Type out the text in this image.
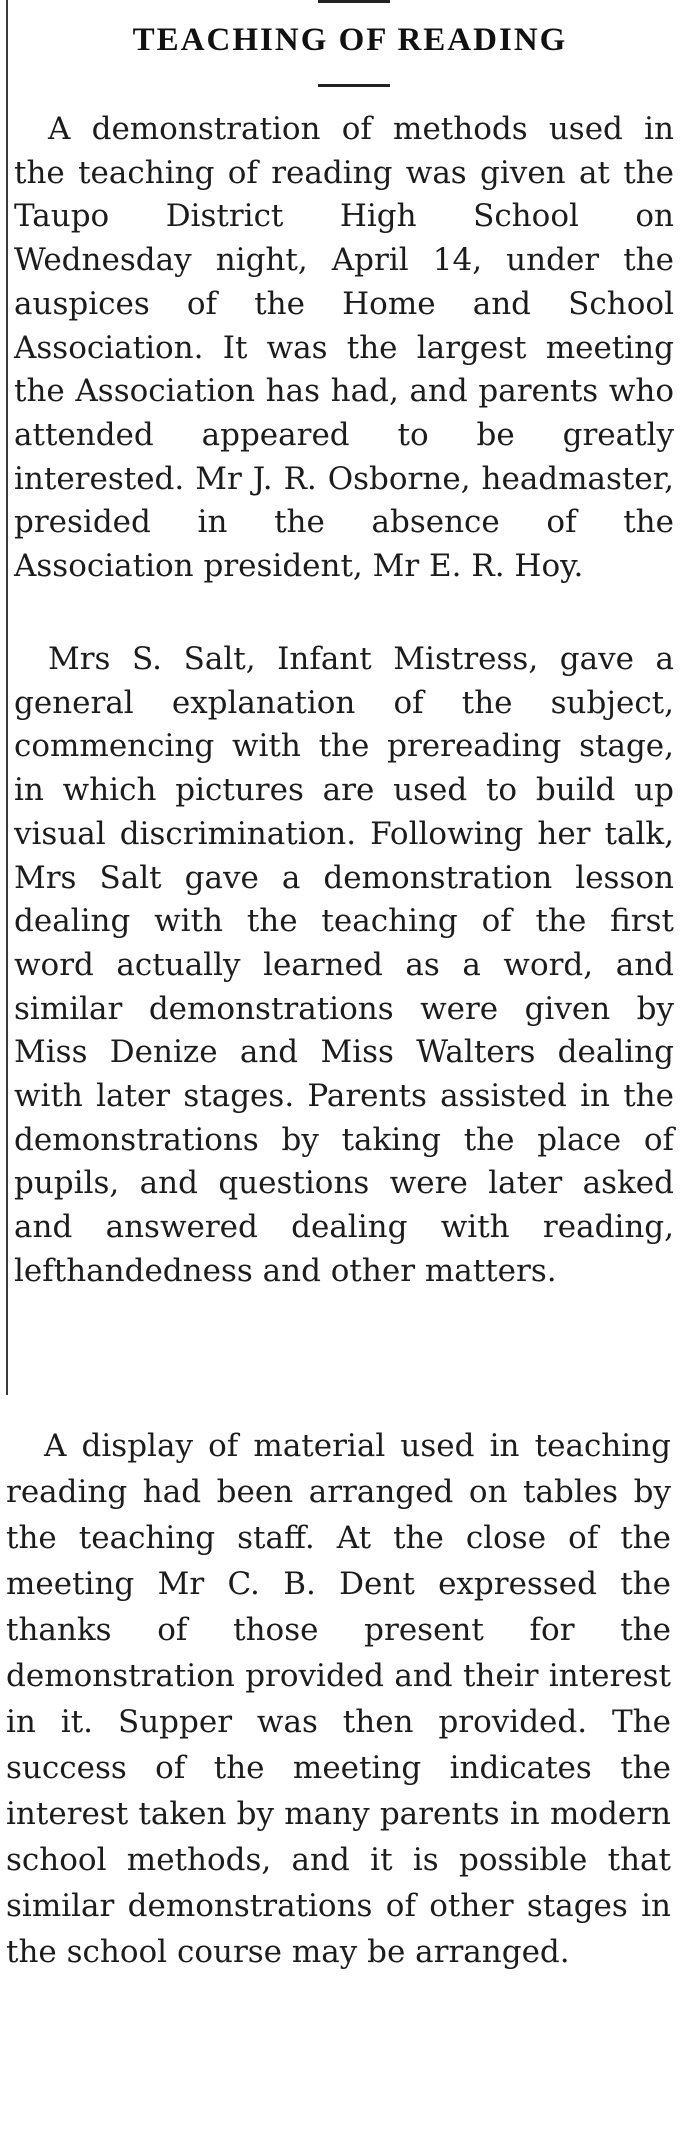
TEACHING OF READING

A demonstration of methods used in the teaching of reading was given at the Taupo District High School on Wednesday night, April 14, under the auspices of the Home and School Association. It was the largest meeting the Association has had, and parents who attended appeared to be greatly interested. Mr J. R. Osborne, headmaster, presided in the absence of the Association president, Mr E. R. Hoy.

Mrs S. Salt, Infant Mistress, gave a general explanation of the subject, commencing with the prereading stage, in which pictures are used to build up visual discrimination. Following her talk, Mrs Salt gave a demonstration lesson dealing with the teaching of the first word actually learned as a word, and similar demonstrations were given by Miss Denize and Miss Walters dealing with later stages. Parents assisted in the demonstrations by taking the place of pupils, and questions were later asked and answered dealing with reading, lefthandedness and other matters.

A display of material used in teaching reading had been arranged on tables by the teaching staff. At the close of the meeting Mr C. B. Dent expressed the thanks of those present for the demonstration provided and their interest in it. Supper was then provided. The success of the meeting indicates the interest taken by many parents in modern school methods, and it is possible that similar demonstrations of other stages in the school course may be arranged.
